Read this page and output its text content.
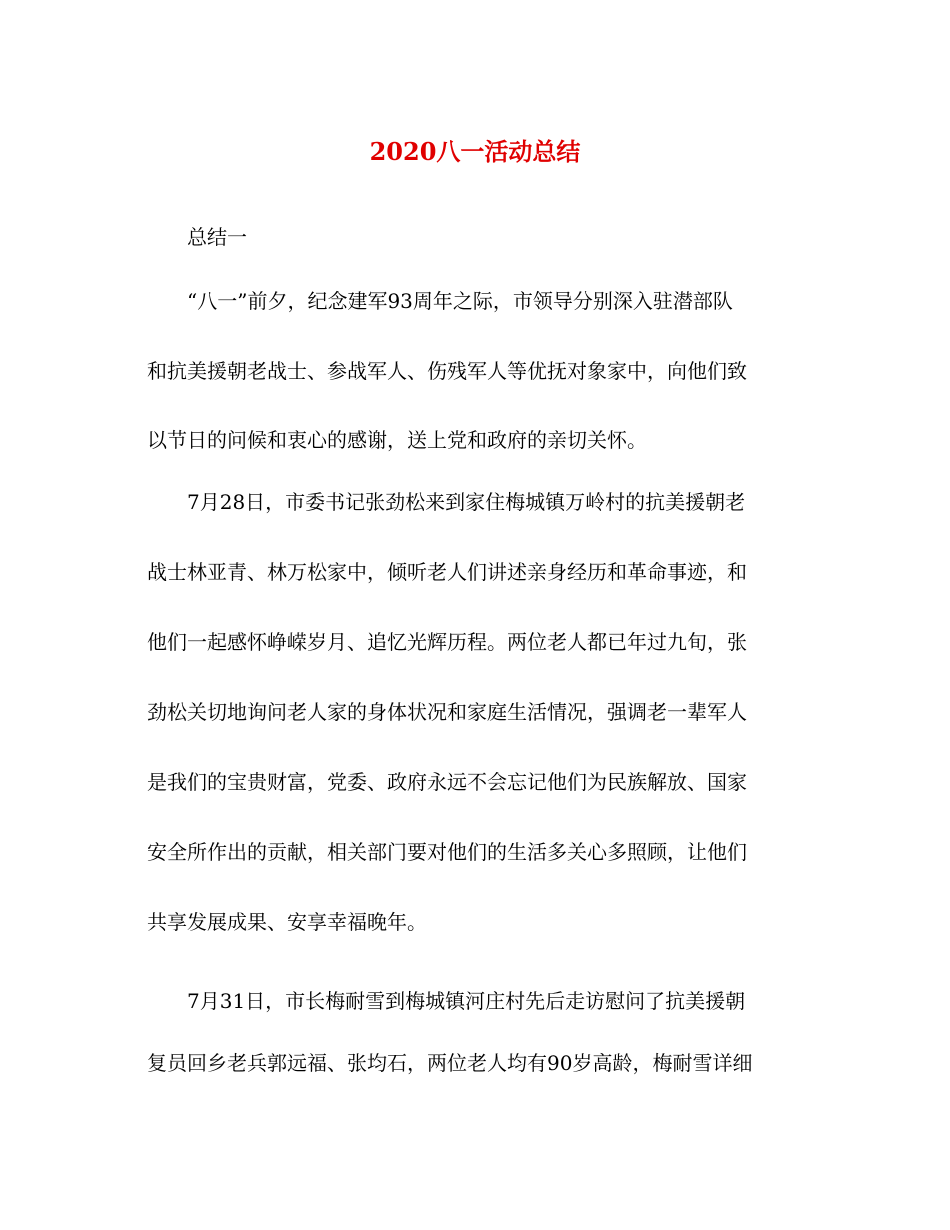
2020八一活动总结
总结一
“八一”前夕，纪念建军93周年之际，市领导分别深入驻潜部队
和抗美援朝老战士、参战军人、伤残军人等优抚对象家中，向他们致
以节日的问候和衷心的感谢，送上党和政府的亲切关怀。
7月28日，市委书记张劲松来到家住梅城镇万岭村的抗美援朝老
战士林亚青、林万松家中，倾听老人们讲述亲身经历和革命事迹，和
他们一起感怀峥嵘岁月、追忆光辉历程。两位老人都已年过九旬，张
劲松关切地询问老人家的身体状况和家庭生活情况，强调老一辈军人
是我们的宝贵财富，党委、政府永远不会忘记他们为民族解放、国家
安全所作出的贡献，相关部门要对他们的生活多关心多照顾，让他们
共享发展成果、安享幸福晚年。
7月31日，市长梅耐雪到梅城镇河庄村先后走访慰问了抗美援朝
复员回乡老兵郭远福、张均石，两位老人均有90岁高龄，梅耐雪详细
